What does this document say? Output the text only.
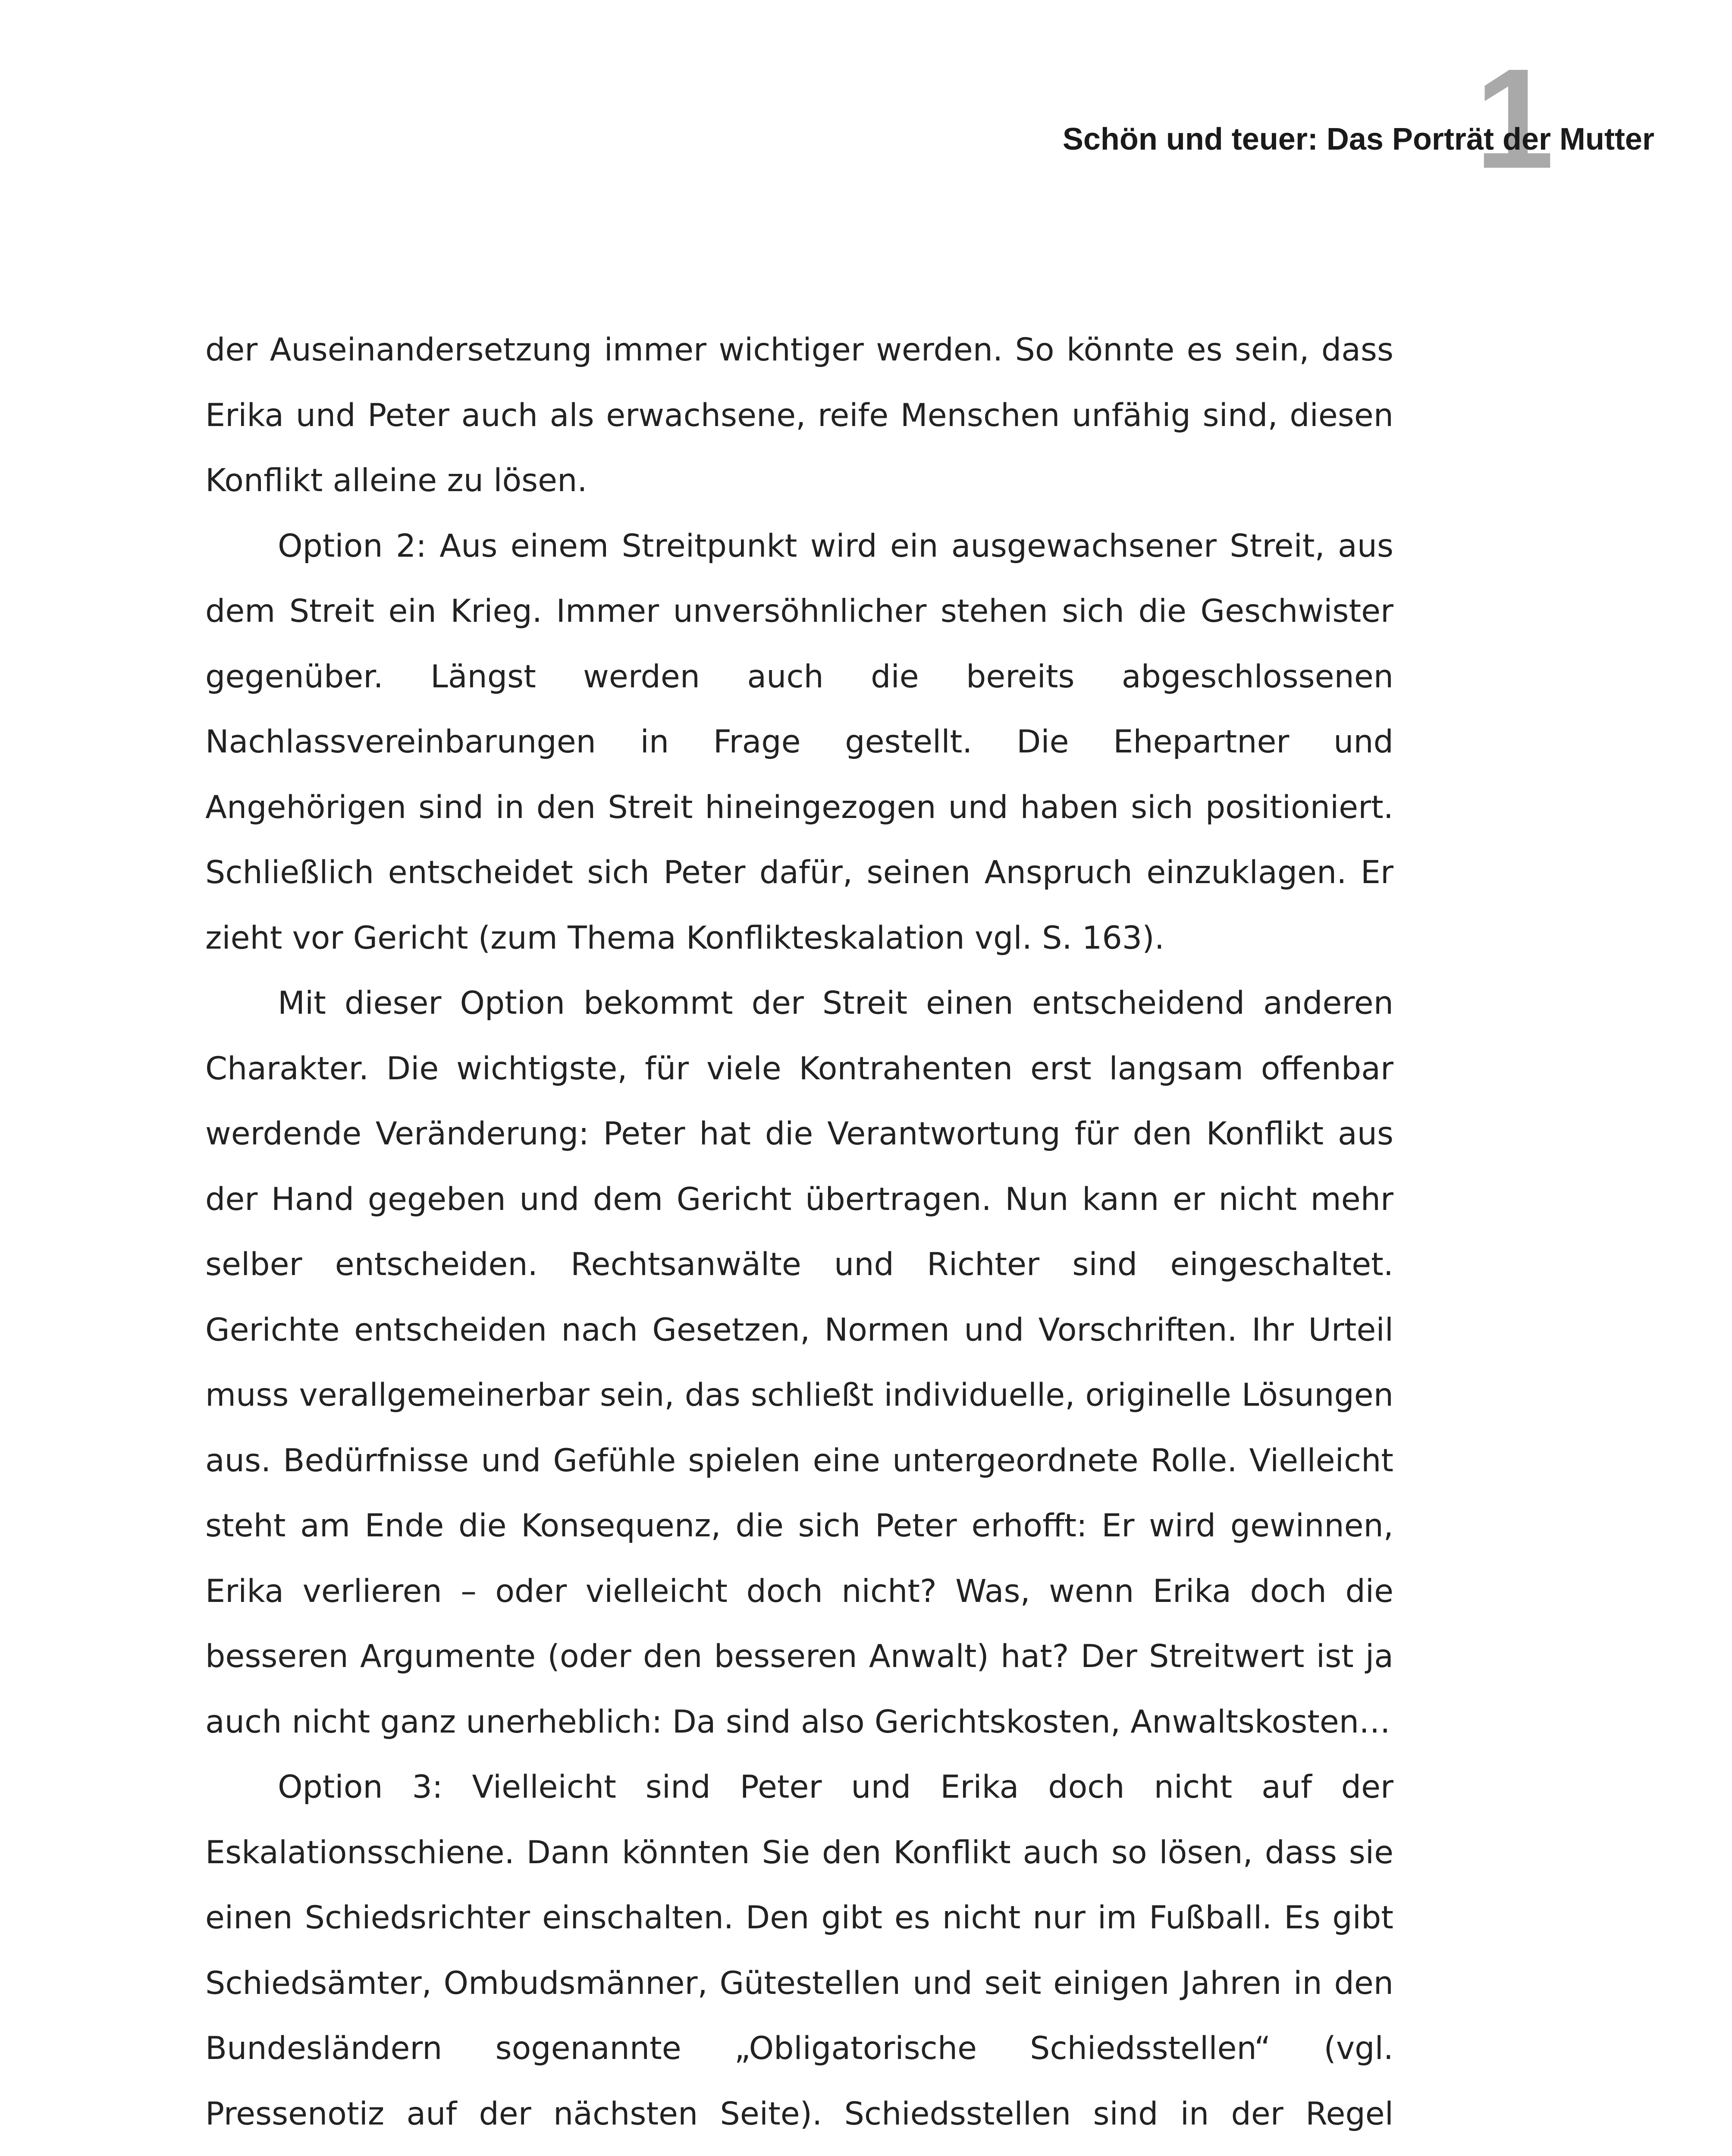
1
Schön und teuer: Das Porträt der Mutter

der Auseinandersetzung immer wichtiger werden. So könnte es sein, dass Erika und Peter auch als erwachsene, reife Menschen unfähig sind, diesen Konflikt alleine zu lösen.

Option 2: Aus einem Streitpunkt wird ein ausgewachsener Streit, aus dem Streit ein Krieg. Immer unversöhnlicher stehen sich die Geschwister gegenüber. Längst werden auch die bereits abgeschlossenen Nachlassvereinbarungen in Frage gestellt. Die Ehepartner und Angehörigen sind in den Streit hineingezogen und haben sich positioniert. Schließlich entscheidet sich Peter dafür, seinen Anspruch einzuklagen. Er zieht vor Gericht (zum Thema Konflikteskalation vgl. S. 163).

Mit dieser Option bekommt der Streit einen entscheidend anderen Charakter. Die wichtigste, für viele Kontrahenten erst langsam offenbar werdende Veränderung: Peter hat die Verantwortung für den Konflikt aus der Hand gegeben und dem Gericht übertragen. Nun kann er nicht mehr selber entscheiden. Rechtsanwälte und Richter sind eingeschaltet. Gerichte entscheiden nach Gesetzen, Normen und Vorschriften. Ihr Urteil muss verallgemeinerbar sein, das schließt individuelle, originelle Lösungen aus. Bedürfnisse und Gefühle spielen eine untergeordnete Rolle. Vielleicht steht am Ende die Konsequenz, die sich Peter erhofft: Er wird gewinnen, Erika verlieren – oder vielleicht doch nicht? Was, wenn Erika doch die besseren Argumente (oder den besseren Anwalt) hat? Der Streitwert ist ja auch nicht ganz unerheblich: Da sind also Gerichtskosten, Anwaltskosten…

Option 3: Vielleicht sind Peter und Erika doch nicht auf der Eskalationsschiene. Dann könnten Sie den Konflikt auch so lösen, dass sie einen Schiedsrichter einschalten. Den gibt es nicht nur im Fußball. Es gibt Schiedsämter, Ombudsmänner, Gütestellen und seit einigen Jahren in den Bundesländern sogenannte „Obligatorische Schiedsstellen“ (vgl. Pressenotiz auf der nächsten Seite). Schiedsstellen sind in der Regel
